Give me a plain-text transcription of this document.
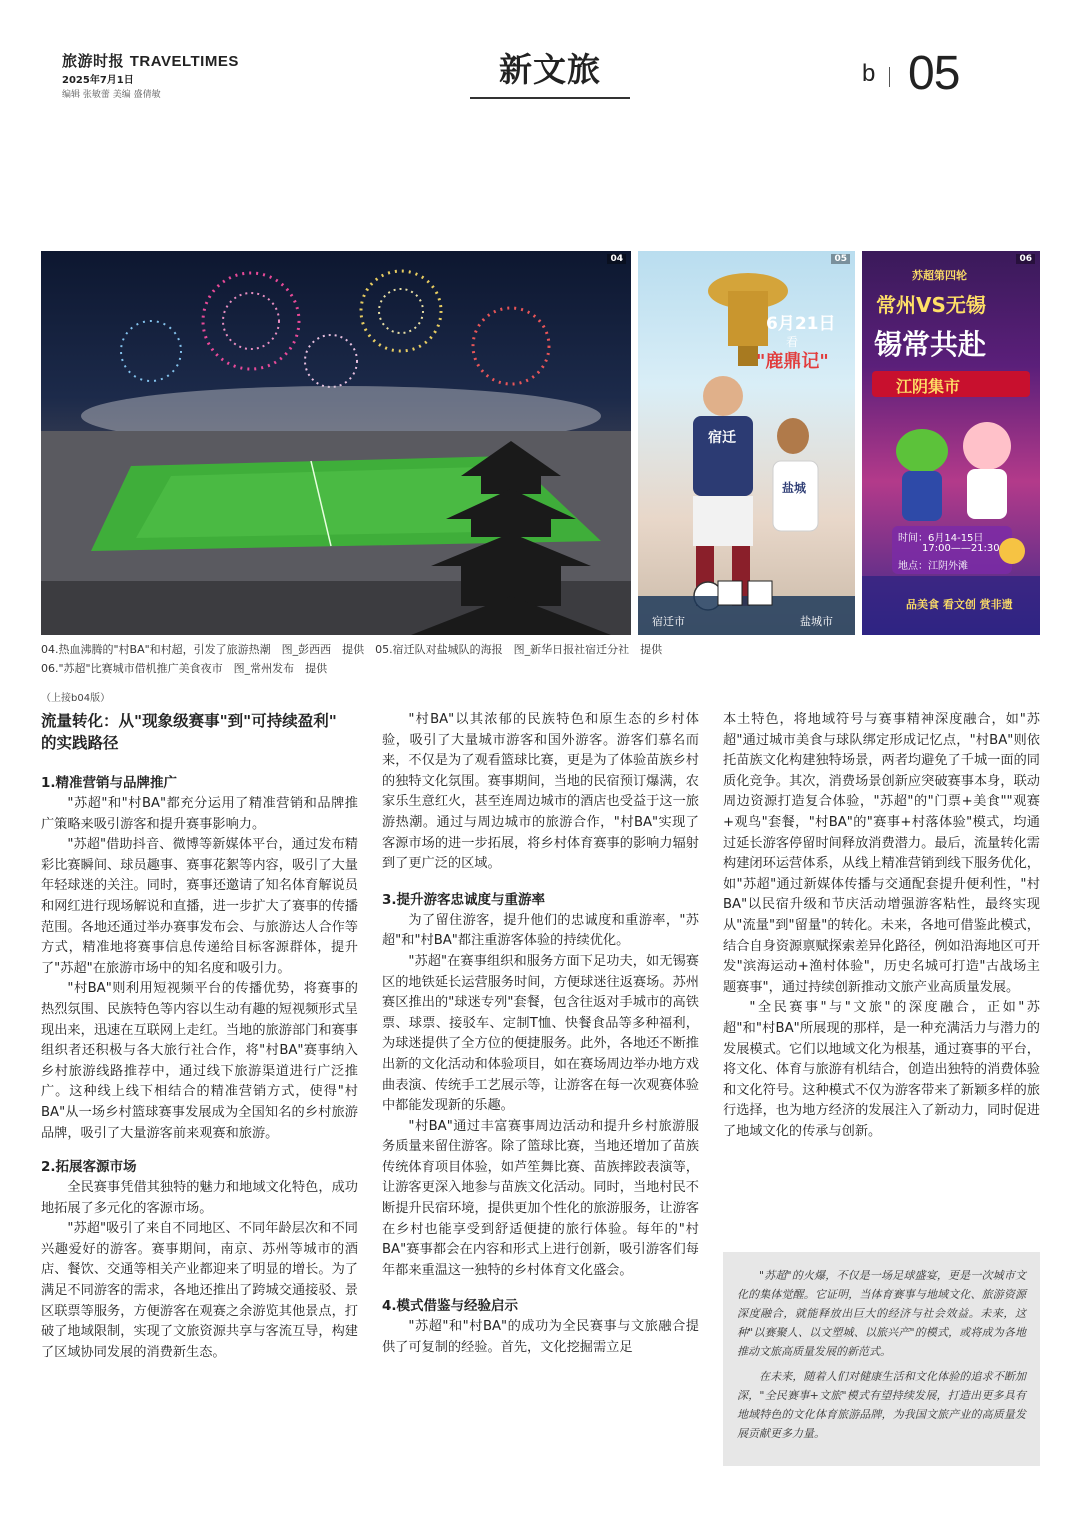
旅游时报 TRAVELTIMES
2025年7月1日
编辑 张敏蕾 美编 盛倩敏
新文旅	b 05
04
6月21日
看
"鹿鼎记"
宿迁
盐城
宿迁市	盐城市
05
苏超第四轮
常州VS无锡
锡常共赴
江阴集市
时间：6月14-15日
17:00——21:30
地点：江阴外滩
品美食 看文创 赏非遗
06
04.热血沸腾的"村BA"和村超，引发了旅游热潮　图_彭西西　提供　05.宿迁队对盐城队的海报　图_新华日报社宿迁分社　提供
06."苏超"比赛城市借机推广美食夜市　图_常州发布　提供
（上接b04版）
流量转化：从"现象级赛事"到"可持续盈利"
的实践路径
1.精准营销与品牌推广

"苏超"和"村BA"都充分运用了精准营销和品牌推广策略来吸引游客和提升赛事影响力。

"苏超"借助抖音、微博等新媒体平台，通过发布精彩比赛瞬间、球员趣事、赛事花絮等内容，吸引了大量年轻球迷的关注。同时，赛事还邀请了知名体育解说员和网红进行现场解说和直播，进一步扩大了赛事的传播范围。各地还通过举办赛事发布会、与旅游达人合作等方式，精准地将赛事信息传递给目标客源群体，提升了"苏超"在旅游市场中的知名度和吸引力。

"村BA"则利用短视频平台的传播优势，将赛事的热烈氛围、民族特色等内容以生动有趣的短视频形式呈现出来，迅速在互联网上走红。当地的旅游部门和赛事组织者还积极与各大旅行社合作，将"村BA"赛事纳入乡村旅游线路推荐中，通过线下旅游渠道进行广泛推广。这种线上线下相结合的精准营销方式，使得"村BA"从一场乡村篮球赛事发展成为全国知名的乡村旅游品牌，吸引了大量游客前来观赛和旅游。

2.拓展客源市场

全民赛事凭借其独特的魅力和地域文化特色，成功地拓展了多元化的客源市场。

"苏超"吸引了来自不同地区、不同年龄层次和不同兴趣爱好的游客。赛事期间，南京、苏州等城市的酒店、餐饮、交通等相关产业都迎来了明显的增长。为了满足不同游客的需求，各地还推出了跨城交通接驳、景区联票等服务，方便游客在观赛之余游览其他景点，打破了地域限制，实现了文旅资源共享与客流互导，构建了区域协同发展的消费新生态。

"村BA"以其浓郁的民族特色和原生态的乡村体验，吸引了大量城市游客和国外游客。游客们慕名而来，不仅是为了观看篮球比赛，更是为了体验苗族乡村的独特文化氛围。赛事期间，当地的民宿预订爆满，农家乐生意红火，甚至连周边城市的酒店也受益于这一旅游热潮。通过与周边城市的旅游合作，"村BA"实现了客源市场的进一步拓展，将乡村体育赛事的影响力辐射到了更广泛的区域。

3.提升游客忠诚度与重游率

为了留住游客，提升他们的忠诚度和重游率，"苏超"和"村BA"都注重游客体验的持续优化。

"苏超"在赛事组织和服务方面下足功夫，如无锡赛区的地铁延长运营服务时间，方便球迷往返赛场。苏州赛区推出的"球迷专列"套餐，包含往返对手城市的高铁票、球票、接驳车、定制T恤、快餐食品等多种福利，为球迷提供了全方位的便捷服务。此外，各地还不断推出新的文化活动和体验项目，如在赛场周边举办地方戏曲表演、传统手工艺展示等，让游客在每一次观赛体验中都能发现新的乐趣。

"村BA"通过丰富赛事周边活动和提升乡村旅游服务质量来留住游客。除了篮球比赛，当地还增加了苗族传统体育项目体验，如芦笙舞比赛、苗族摔跤表演等，让游客更深入地参与苗族文化活动。同时，当地村民不断提升民宿环境，提供更加个性化的旅游服务，让游客在乡村也能享受到舒适便捷的旅行体验。每年的"村BA"赛事都会在内容和形式上进行创新，吸引游客们每年都来重温这一独特的乡村体育文化盛会。

4.模式借鉴与经验启示

"苏超"和"村BA"的成功为全民赛事与文旅融合提供了可复制的经验。首先，文化挖掘需立足

本土特色，将地域符号与赛事精神深度融合，如"苏超"通过城市美食与球队绑定形成记忆点，"村BA"则依托苗族文化构建独特场景，两者均避免了千城一面的同质化竞争。其次，消费场景创新应突破赛事本身，联动周边资源打造复合体验，"苏超"的"门票+美食""观赛+观鸟"套餐，"村BA"的"赛事+村落体验"模式，均通过延长游客停留时间释放消费潜力。最后，流量转化需构建闭环运营体系，从线上精准营销到线下服务优化，如"苏超"通过新媒体传播与交通配套提升便利性，"村BA"以民宿升级和节庆活动增强游客粘性，最终实现从"流量"到"留量"的转化。未来，各地可借鉴此模式，结合自身资源禀赋探索差异化路径，例如沿海地区可开发"滨海运动+渔村体验"，历史名城可打造"古战场主题赛事"，通过持续创新推动文旅产业高质量发展。

"全民赛事"与"文旅"的深度融合，正如"苏超"和"村BA"所展现的那样，是一种充满活力与潜力的发展模式。它们以地域文化为根基，通过赛事的平台，将文化、体育与旅游有机结合，创造出独特的消费体验和文化符号。这种模式不仅为游客带来了新颖多样的旅行选择，也为地方经济的发展注入了新动力，同时促进了地域文化的传承与创新。

"苏超"的火爆，不仅是一场足球盛宴，更是一次城市文化的集体觉醒。它证明，当体育赛事与地域文化、旅游资源深度融合，就能释放出巨大的经济与社会效益。未来，这种"以赛聚人、以文塑城、以旅兴产"的模式，或将成为各地推动文旅高质量发展的新范式。

在未来，随着人们对健康生活和文化体验的追求不断加深，"全民赛事+文旅"模式有望持续发展，打造出更多具有地域特色的文化体育旅游品牌，为我国文旅产业的高质量发展贡献更多力量。
